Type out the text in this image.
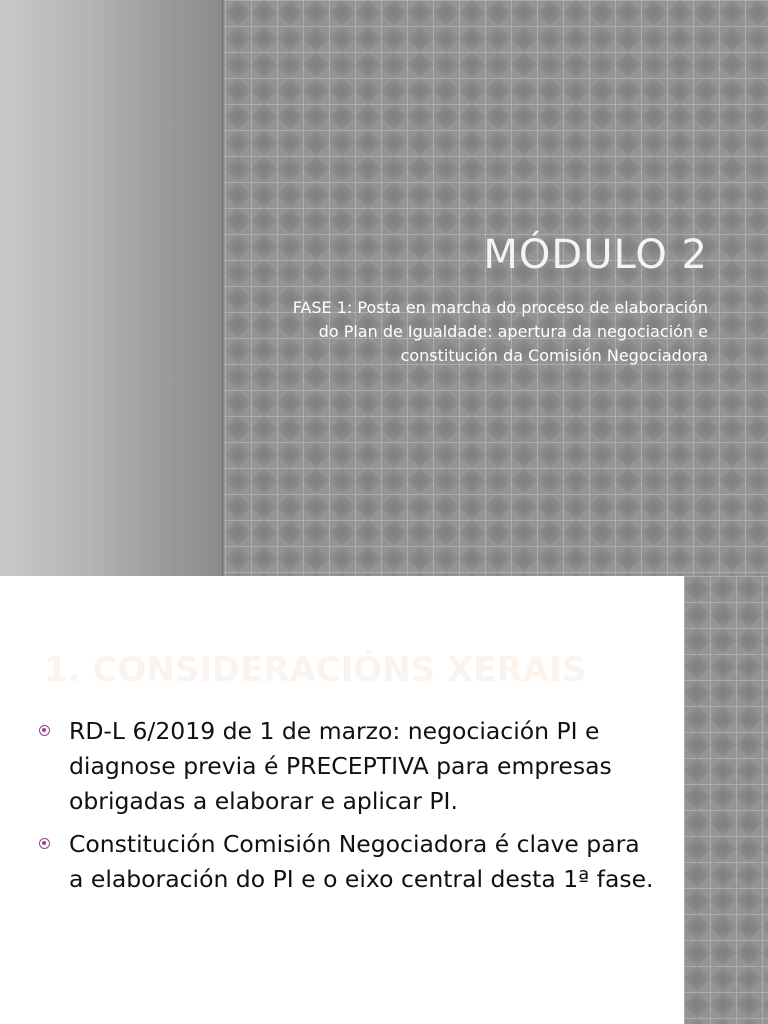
MÓDULO 2

FASE 1: Posta en marcha do proceso de elaboración do Plan de Igualdade: apertura da negociación e constitución da Comisión Negociadora

1. CONSIDERACIÓNS XERAIS
RD-L 6/2019 de 1 de marzo: negociación PI e diagnose previa é PRECEPTIVA para empresas obrigadas a elaborar e aplicar PI.
Constitución Comisión Negociadora é clave para a elaboración do PI e o eixo central desta 1ª fase.
